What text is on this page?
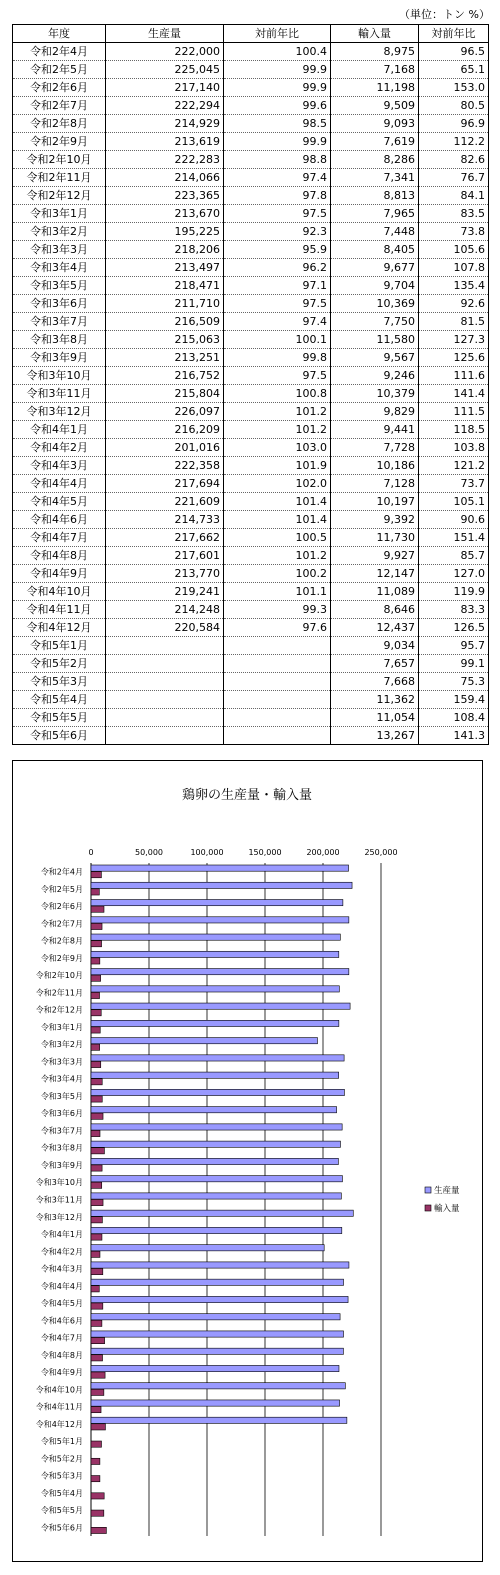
（単位：トン %）
年度	生産量	対前年比	輸入量	対前年比
令和2年4月	222,000	100.4	8,975	96.5
令和2年5月	225,045	99.9	7,168	65.1
令和2年6月	217,140	99.9	11,198	153.0
令和2年7月	222,294	99.6	9,509	80.5
令和2年8月	214,929	98.5	9,093	96.9
令和2年9月	213,619	99.9	7,619	112.2
令和2年10月	222,283	98.8	8,286	82.6
令和2年11月	214,066	97.4	7,341	76.7
令和2年12月	223,365	97.8	8,813	84.1
令和3年1月	213,670	97.5	7,965	83.5
令和3年2月	195,225	92.3	7,448	73.8
令和3年3月	218,206	95.9	8,405	105.6
令和3年4月	213,497	96.2	9,677	107.8
令和3年5月	218,471	97.1	9,704	135.4
令和3年6月	211,710	97.5	10,369	92.6
令和3年7月	216,509	97.4	7,750	81.5
令和3年8月	215,063	100.1	11,580	127.3
令和3年9月	213,251	99.8	9,567	125.6
令和3年10月	216,752	97.5	9,246	111.6
令和3年11月	215,804	100.8	10,379	141.4
令和3年12月	226,097	101.2	9,829	111.5
令和4年1月	216,209	101.2	9,441	118.5
令和4年2月	201,016	103.0	7,728	103.8
令和4年3月	222,358	101.9	10,186	121.2
令和4年4月	217,694	102.0	7,128	73.7
令和4年5月	221,609	101.4	10,197	105.1
令和4年6月	214,733	101.4	9,392	90.6
令和4年7月	217,662	100.5	11,730	151.4
令和4年8月	217,601	101.2	9,927	85.7
令和4年9月	213,770	100.2	12,147	127.0
令和4年10月	219,241	101.1	11,089	119.9
令和4年11月	214,248	99.3	8,646	83.3
令和4年12月	220,584	97.6	12,437	126.5
令和5年1月			9,034	95.7
令和5年2月			7,657	99.1
令和5年3月			7,668	75.3
令和5年4月			11,362	159.4
令和5年5月			11,054	108.4
令和5年6月			13,267	141.3
鶏卵の生産量・輸入量
0	50,000	100,000	150,000	200,000	250,000
令和2年4月
令和2年5月
令和2年6月
令和2年7月
令和2年8月
令和2年9月
令和2年10月
令和2年11月
令和2年12月
令和3年1月
令和3年2月
令和3年3月
令和3年4月
令和3年5月
令和3年6月
令和3年7月
令和3年8月
令和3年9月
令和3年10月
令和3年11月
令和3年12月
令和4年1月
令和4年2月
令和4年3月
令和4年4月
令和4年5月
令和4年6月
令和4年7月
令和4年8月
令和4年9月
令和4年10月
令和4年11月
令和4年12月
令和5年1月
令和5年2月
令和5年3月
令和5年4月
令和5年5月
令和5年6月
生産量
輸入量
